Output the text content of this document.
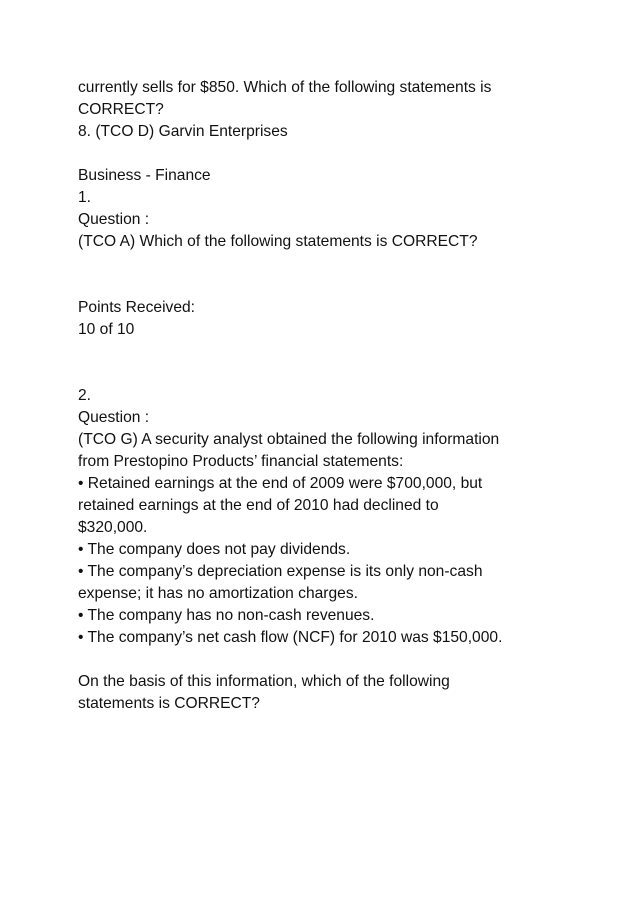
currently sells for $850. Which of the following statements is
CORRECT?
8. (TCO D) Garvin Enterprises
Business - Finance
1.
Question :
(TCO A) Which of the following statements is CORRECT?
Points Received:
10 of 10
2.
Question :
(TCO G) A security analyst obtained the following information
from Prestopino Products’ financial statements:
• Retained earnings at the end of 2009 were $700,000, but
retained earnings at the end of 2010 had declined to
$320,000.
• The company does not pay dividends.
• The company’s depreciation expense is its only non-cash
expense; it has no amortization charges.
• The company has no non-cash revenues.
• The company’s net cash flow (NCF) for 2010 was $150,000.
On the basis of this information, which of the following
statements is CORRECT?
